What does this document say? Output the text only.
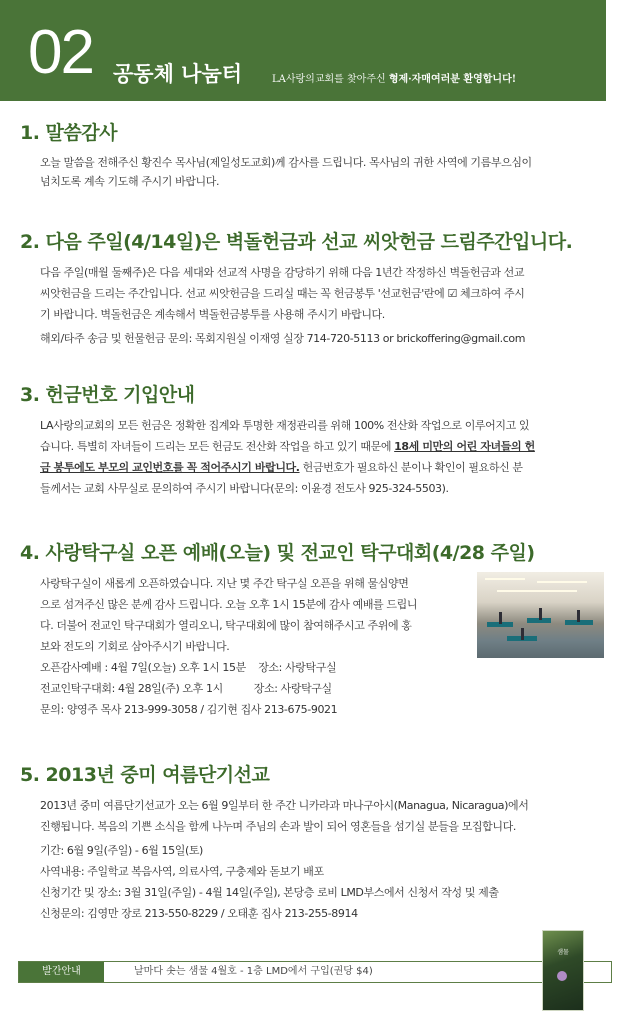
02 공동체 나눔터	LA사랑의교회를 찾아주신 형제·자매여러분 환영합니다!
1. 말씀감사

오늘 말씀을 전해주신 황진수 목사님(제일성도교회)께 감사를 드립니다. 목사님의 귀한 사역에 기름부으심이

넘치도록 계속 기도해 주시기 바랍니다.

2. 다음 주일(4/14일)은 벽돌헌금과 선교 씨앗헌금 드림주간입니다.

다음 주일(매월 둘째주)은 다음 세대와 선교적 사명을 감당하기 위해 다음 1년간 작정하신 벽돌헌금과 선교

씨앗헌금을 드리는 주간입니다. 선교 씨앗헌금을 드리실 때는 꼭 헌금봉투 '선교헌금'란에 ☑ 체크하여 주시

기 바랍니다. 벽돌헌금은 계속해서 벽돌헌금봉투를 사용해 주시기 바랍니다.

해외/타주 송금 및 헌물헌금 문의: 목회지원실 이재영 실장 714-720-5113 or brickoffering@gmail.com

3. 헌금번호 기입안내

LA사랑의교회의 모든 헌금은 정확한 집계와 투명한 재정관리를 위해 100% 전산화 작업으로 이루어지고 있

습니다. 특별히 자녀들이 드리는 모든 헌금도 전산화 작업을 하고 있기 때문에 18세 미만의 어린 자녀들의 헌

금 봉투에도 부모의 교인번호를 꼭 적어주시기 바랍니다. 헌금번호가 필요하신 분이나 확인이 필요하신 분

들께서는 교회 사무실로 문의하여 주시기 바랍니다(문의: 이윤경 전도사 925-324-5503).

4. 사랑탁구실 오픈 예배(오늘) 및 전교인 탁구대회(4/28 주일)

사랑탁구실이 새롭게 오픈하였습니다. 지난 몇 주간 탁구실 오픈을 위해 물심양면

으로 섬겨주신 많은 분께 감사 드립니다. 오늘 오후 1시 15분에 감사 예배를 드립니

다. 더불어 전교인 탁구대회가 열리오니, 탁구대회에 많이 참여해주시고 주위에 홍

보와 전도의 기회로 삼아주시기 바랍니다.

오픈감사예배 : 4월 7일(오늘) 오후 1시 15분    장소: 사랑탁구실

전교인탁구대회: 4월 28일(주) 오후 1시          장소: 사랑탁구실

문의: 양영주 목사 213-999-3058 / 김기현 집사 213-675-9021

5. 2013년 중미 여름단기선교

2013년 중미 여름단기선교가 오는 6월 9일부터 한 주간 니카라과 마나구아시(Managua, Nicaragua)에서

진행됩니다. 복음의 기쁜 소식을 함께 나누며 주님의 손과 발이 되어 영혼들을 섬기실 분들을 모집합니다.

기간: 6월 9일(주일) - 6월 15일(토)

사역내용: 주일학교 복음사역, 의료사역, 구충제와 돋보기 배포

신청기간 및 장소: 3월 31일(주일) - 4월 14일(주일), 본당층 로비 LMD부스에서 신청서 작성 및 제출

신청문의: 김영만 장로 213-550-8229 / 오태훈 집사 213-255-8914

발간안내	날마다 솟는 샘물 4월호 - 1층 LMD에서 구입(권당 $4)
샘물
